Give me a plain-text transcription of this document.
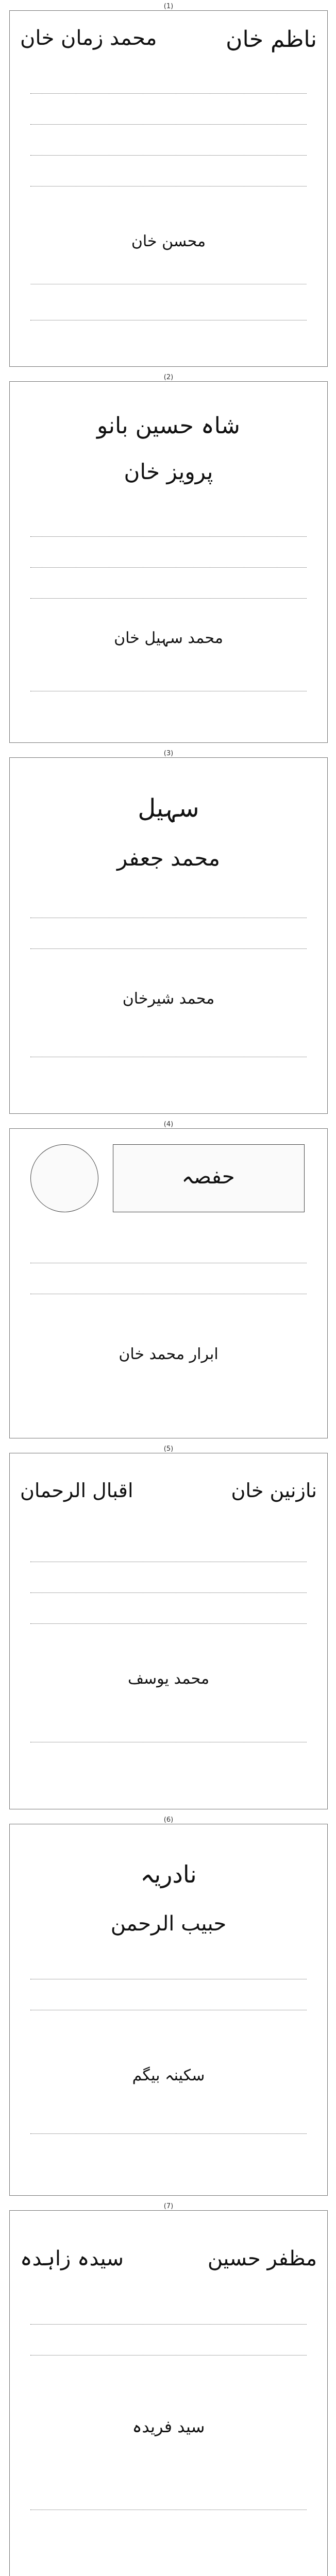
(1)
ناظم خان
محمد زمان خان
محسن خان
(2)
شاہ حسین بانو
پرویز خان
محمد سہیل خان
(3)
سہیل
محمد جعفر
محمد شیرخان
(4)
حفصہ
ابرار محمد خان
(5)
نازنین خان
اقبال الرحمان
محمد یوسف
(6)
نادریہ
حبیب الرحمن
سکینہ بیگم
(7)
مظفر حسین
سیدہ زاہدہ
سید فریدہ
